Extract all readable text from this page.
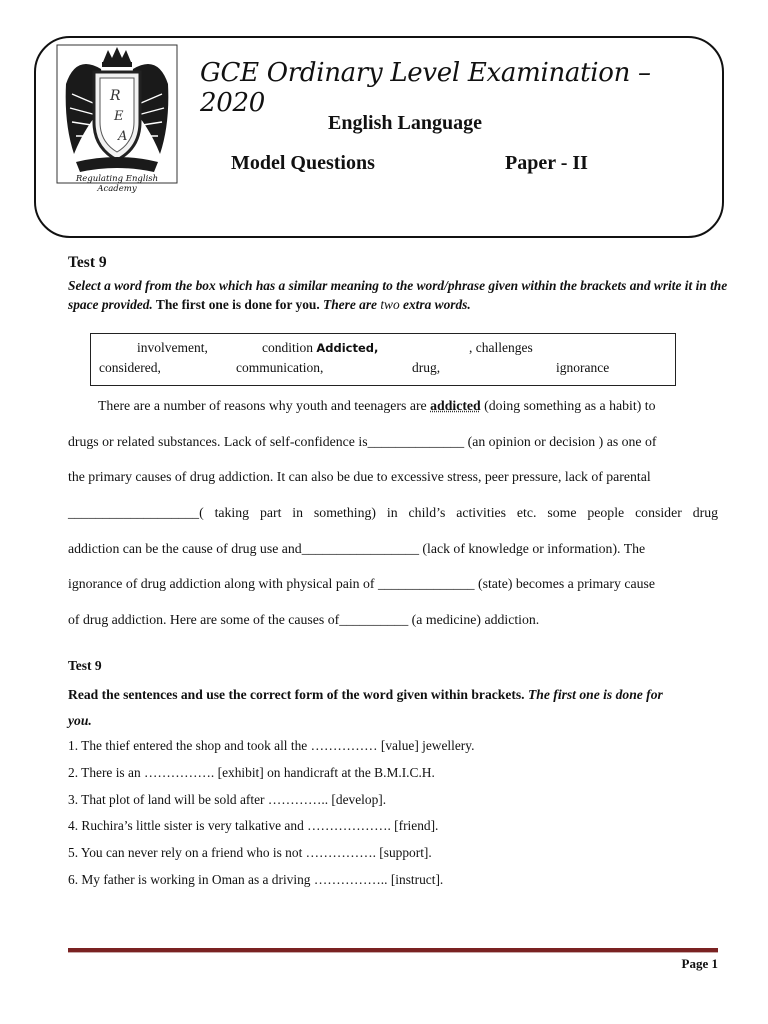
R
E
A
Regulating English Academy
GCE Ordinary Level Examination – 2020
English Language
Model Questions	Paper - II
Test 9
Select a word from the box which has a similar meaning to the word/phrase given within the brackets and write it in the space provided. The first one is done for you. There are two extra words.
involvement,	condition Addicted,	, challenges
considered,	communication,	drug,	ignorance
There are a number of reasons why youth and teenagers are addicted (doing something as a habit) to
drugs or related substances. Lack of self-confidence is______________ (an opinion or decision ) as one of
the primary causes of drug addiction. It can also be due to excessive stress, peer pressure, lack of parental
___________________( taking part in something) in child’s activities etc. some people consider drug
addiction can be the cause of drug use and_________________ (lack of knowledge or information). The
ignorance of drug addiction along with physical pain of ______________ (state) becomes a primary cause
of drug addiction. Here are some of the causes of__________ (a medicine) addiction.
Test 9
Read the sentences and use the correct form of the word given within brackets. The first one is done for
you.
1. The thief entered the shop and took all the …………… [value] jewellery.
2. There is an ……………. [exhibit] on handicraft at the B.M.I.C.H.
3. That plot of land will be sold after ………….. [develop].
4. Ruchira’s little sister is very talkative and ………………. [friend].
5. You can never rely on a friend who is not ……………. [support].
6. My father is working in Oman as a driving …………….. [instruct].
Page 1
